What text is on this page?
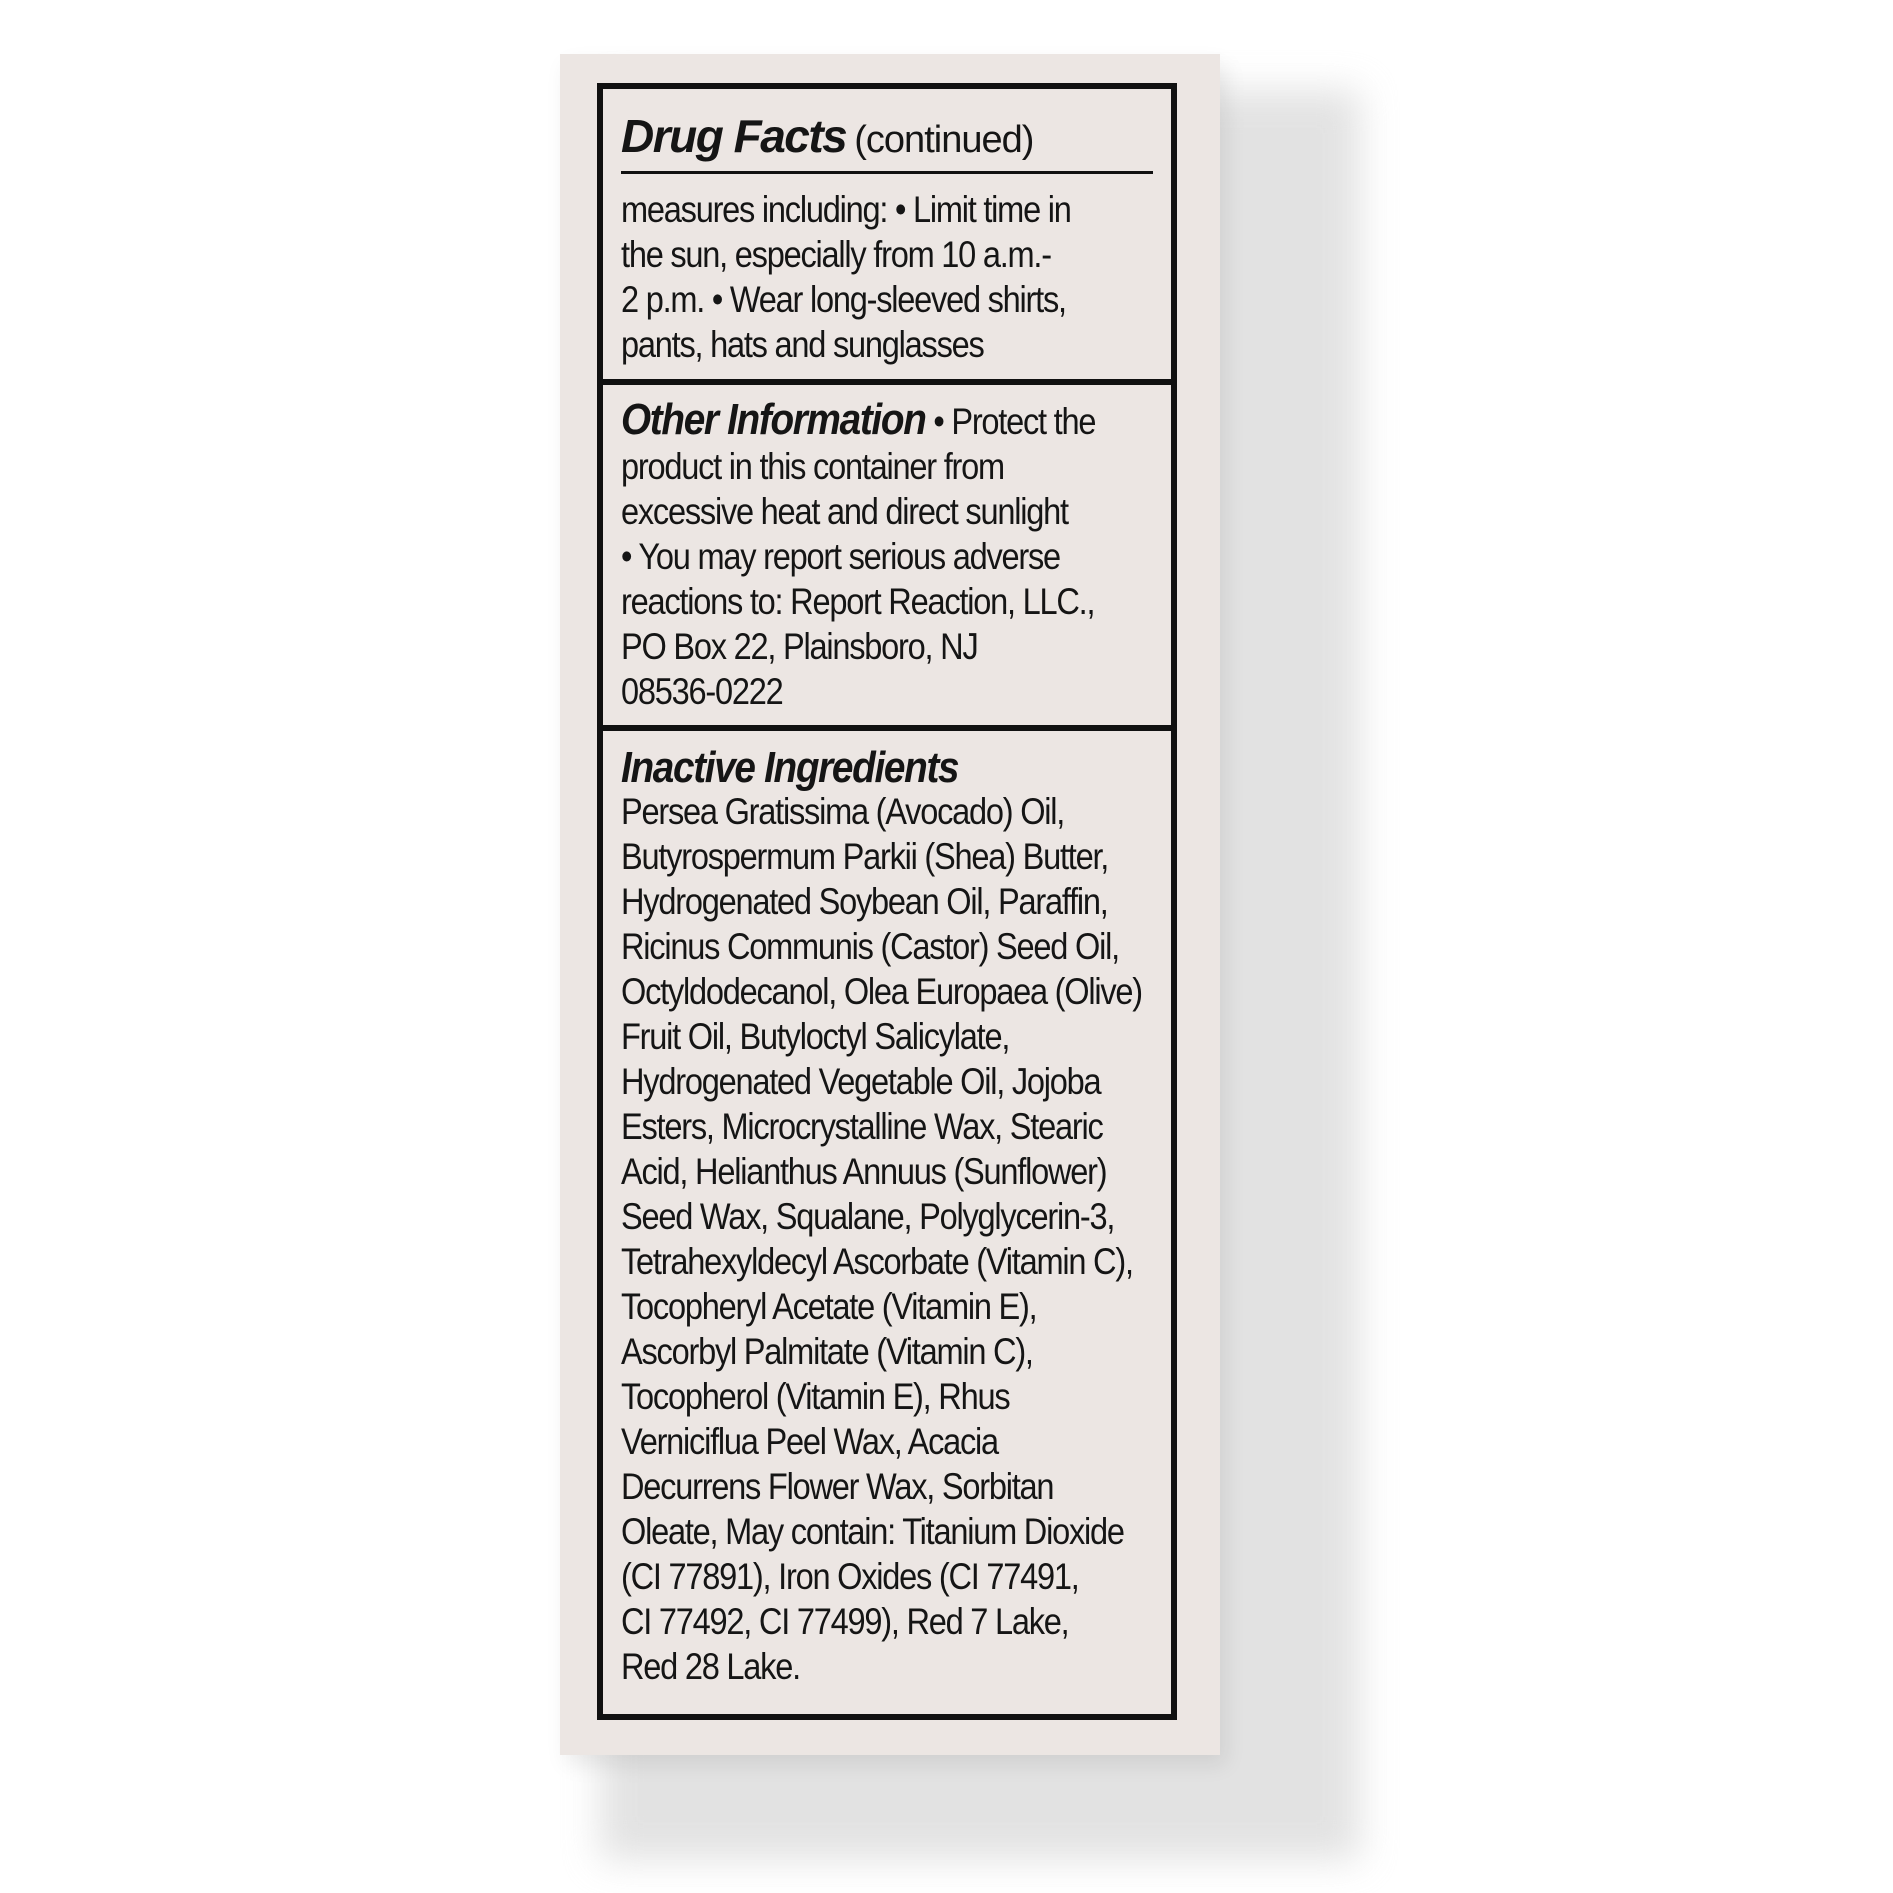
Drug Facts (continued)

measures including: • Limit time in
the sun, especially from 10 a.m.-
2 p.m. • Wear long-sleeved shirts,
pants, hats and sunglasses

Other Information • Protect the
product in this container from
excessive heat and direct sunlight
• You may report serious adverse
reactions to: Report Reaction, LLC.,
PO Box 22, Plainsboro, NJ
08536-0222

Inactive Ingredients

Persea Gratissima (Avocado) Oil,
Butyrospermum Parkii (Shea) Butter,
Hydrogenated Soybean Oil, Paraffin,
Ricinus Communis (Castor) Seed Oil,
Octyldodecanol, Olea Europaea (Olive)
Fruit Oil, Butyloctyl Salicylate,
Hydrogenated Vegetable Oil, Jojoba
Esters, Microcrystalline Wax, Stearic
Acid, Helianthus Annuus (Sunflower)
Seed Wax, Squalane, Polyglycerin-3,
Tetrahexyldecyl Ascorbate (Vitamin C),
Tocopheryl Acetate (Vitamin E),
Ascorbyl Palmitate (Vitamin C),
Tocopherol (Vitamin E), Rhus
Verniciflua Peel Wax, Acacia
Decurrens Flower Wax, Sorbitan
Oleate, May contain: Titanium Dioxide
(CI 77891), Iron Oxides (CI 77491,
CI 77492, CI 77499), Red 7 Lake,
Red 28 Lake.
